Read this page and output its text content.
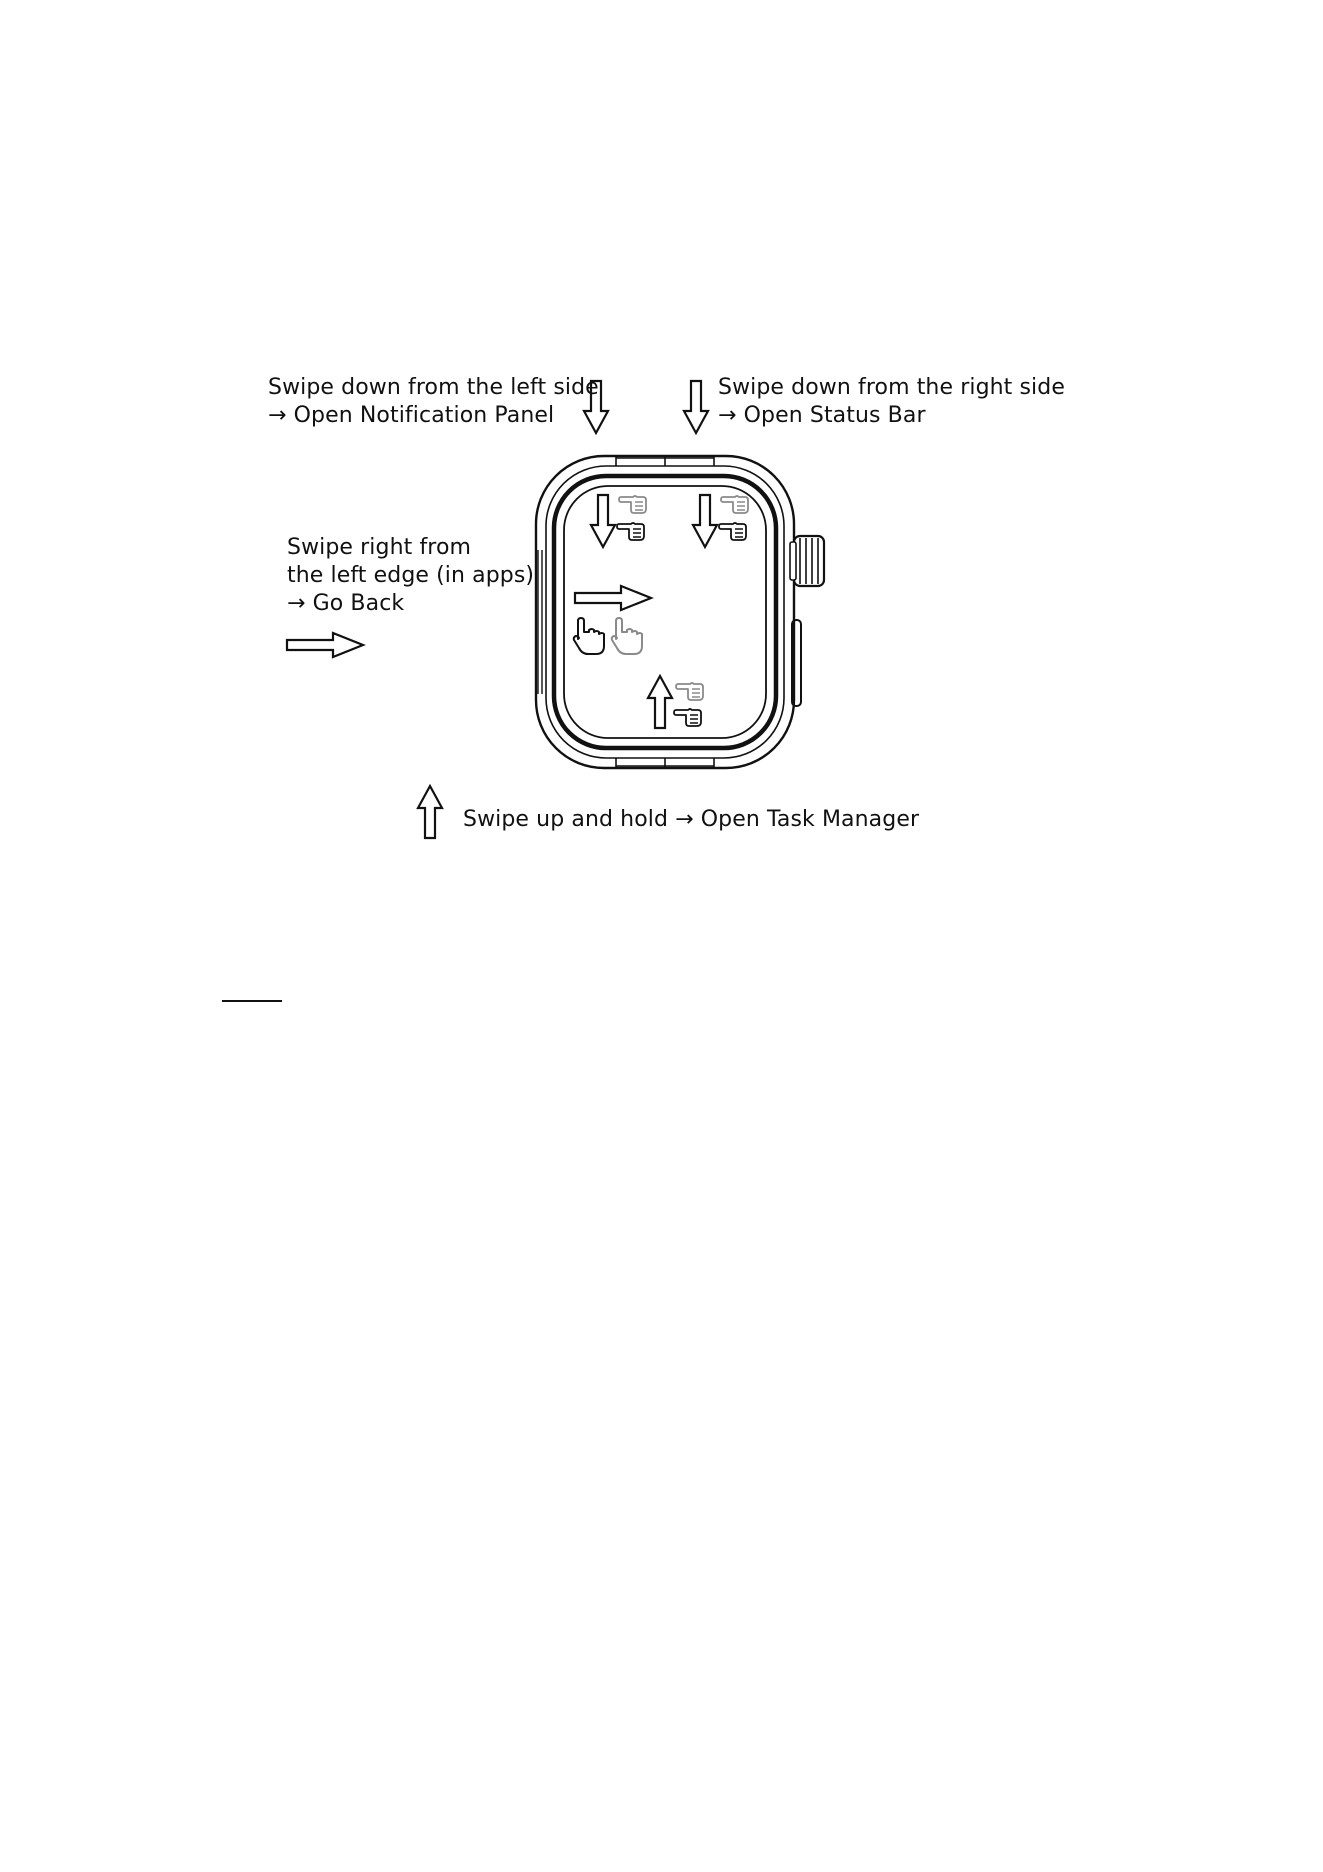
Swipe down from the left side
→ Open Notification Panel

Swipe down from the right side
→ Open Status Bar

Swipe right from
the left edge (in apps)
→ Go Back

Swipe up and hold → Open Task Manager
